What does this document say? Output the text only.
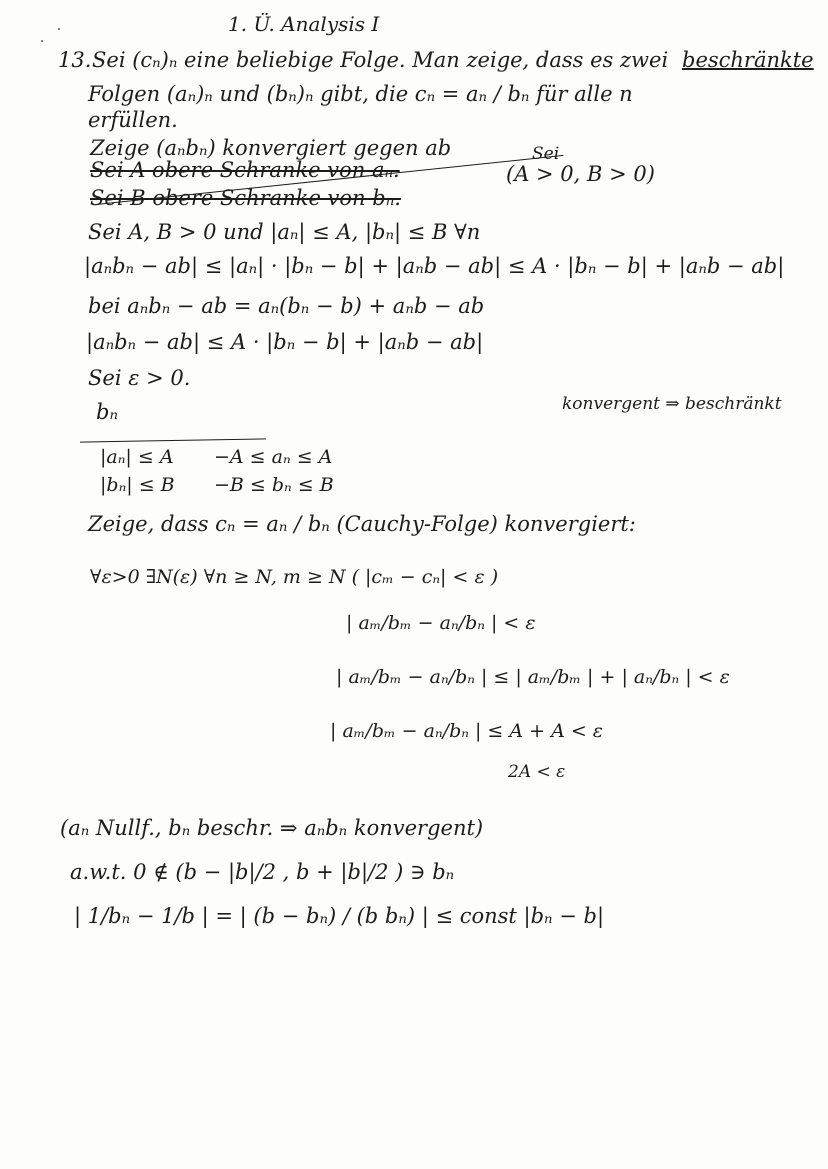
1. Ü. Analysis I
13. Sei (cₙ)ₙ eine beliebige Folge. Man zeige, dass es zwei beschränkte
Folgen (aₙ)ₙ und (bₙ)ₙ gibt, die cₙ = aₙ / bₙ für alle n
erfüllen.
Zeige (aₙbₙ) konvergiert gegen ab
Sei A obere Schranke von aₙ.
Sei
(A > 0, B > 0)
Sei B obere Schranke von bₙ.
Sei A, B > 0 und |aₙ| ≤ A, |bₙ| ≤ B ∀n
|aₙbₙ − ab| ≤ |aₙ| · |bₙ − b| + |aₙb − ab| ≤ A · |bₙ − b| + |aₙb − ab|
bei aₙbₙ − ab = aₙ(bₙ − b) + aₙb − ab
|aₙbₙ − ab| ≤ A · |bₙ − b| + |aₙb − ab|
Sei ε > 0.
bₙ	konvergent ⇒ beschränkt
|aₙ| ≤ A −A ≤ aₙ ≤ A
|bₙ| ≤ B −B ≤ bₙ ≤ B
Zeige, dass cₙ = aₙ / bₙ (Cauchy-Folge) konvergiert:
∀ε>0 ∃N(ε) ∀n ≥ N, m ≥ N ( |cₘ − cₙ| < ε )
| aₘ/bₘ − aₙ/bₙ | < ε
| aₘ/bₘ − aₙ/bₙ | ≤ | aₘ/bₘ | + | aₙ/bₙ | < ε
| aₘ/bₘ − aₙ/bₙ | ≤ A + A < ε
2A < ε
(aₙ Nullf., bₙ beschr. ⇒ aₙbₙ konvergent)
a.w.t. 0 ∉ (b − |b|/2 , b + |b|/2 ) ∋ bₙ
| 1/bₙ − 1/b | = | (b − bₙ) / (b bₙ) | ≤ const |bₙ − b|
